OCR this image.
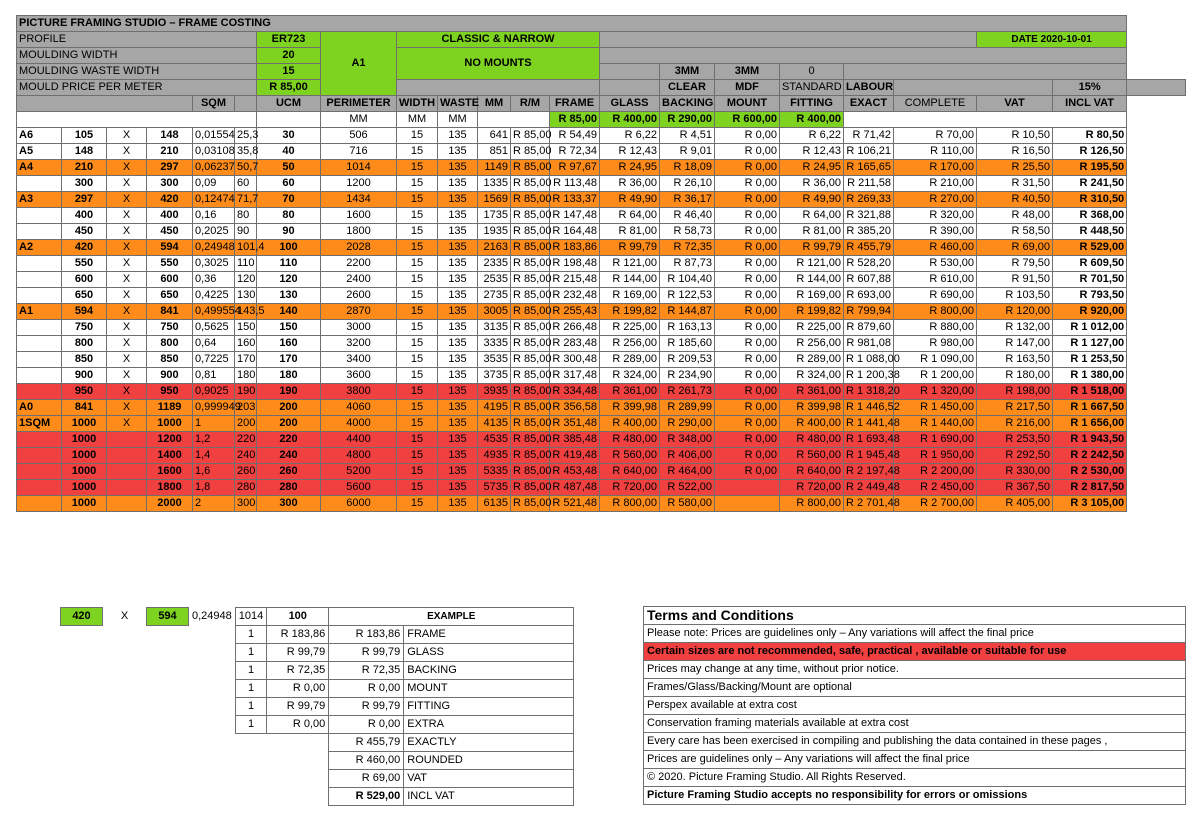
PICTURE FRAMING STUDIO – FRAME COSTING																					
PROFILE						ER723	A1	CLASSIC & NARROW											DATE 2020-10-01		
MOULDING WIDTH						20		NO MOUNTS													
MOULDING WASTE WIDTH						15								3MM	3MM	0					
MOULD PRICE PER METER						R 85,00								CLEAR	MDF	STANDARD	LABOUR			15%	
				SQM		UCM	PERIMETER	WIDTH	WASTE	MM	R/M	FRAME	GLASS	BACKING	MOUNT	FITTING	EXACT	COMPLETE	VAT	INCL VAT	
							MM	MM	MM			R 85,00	R 400,00	R 290,00	R 600,00	R 400,00					
A6	105	X	148	0,01554	25,3	30	506	15	135	641	R 85,00	R 54,49	R 6,22	R 4,51	R 0,00	R 6,22	R 71,42	R 70,00	R 10,50	R 80,50	
A5	148	X	210	0,03108	35,8	40	716	15	135	851	R 85,00	R 72,34	R 12,43	R 9,01	R 0,00	R 12,43	R 106,21	R 110,00	R 16,50	R 126,50	
A4	210	X	297	0,06237	50,7	50	1014	15	135	1149	R 85,00	R 97,67	R 24,95	R 18,09	R 0,00	R 24,95	R 165,65	R 170,00	R 25,50	R 195,50	
	300	X	300	0,09	60	60	1200	15	135	1335	R 85,00	R 113,48	R 36,00	R 26,10	R 0,00	R 36,00	R 211,58	R 210,00	R 31,50	R 241,50	
A3	297	X	420	0,12474	71,7	70	1434	15	135	1569	R 85,00	R 133,37	R 49,90	R 36,17	R 0,00	R 49,90	R 269,33	R 270,00	R 40,50	R 310,50	
	400	X	400	0,16	80	80	1600	15	135	1735	R 85,00	R 147,48	R 64,00	R 46,40	R 0,00	R 64,00	R 321,88	R 320,00	R 48,00	R 368,00	
	450	X	450	0,2025	90	90	1800	15	135	1935	R 85,00	R 164,48	R 81,00	R 58,73	R 0,00	R 81,00	R 385,20	R 390,00	R 58,50	R 448,50	
A2	420	X	594	0,24948	101,4	100	2028	15	135	2163	R 85,00	R 183,86	R 99,79	R 72,35	R 0,00	R 99,79	R 455,79	R 460,00	R 69,00	R 529,00	
	550	X	550	0,3025	110	110	2200	15	135	2335	R 85,00	R 198,48	R 121,00	R 87,73	R 0,00	R 121,00	R 528,20	R 530,00	R 79,50	R 609,50	
	600	X	600	0,36	120	120	2400	15	135	2535	R 85,00	R 215,48	R 144,00	R 104,40	R 0,00	R 144,00	R 607,88	R 610,00	R 91,50	R 701,50	
	650	X	650	0,4225	130	130	2600	15	135	2735	R 85,00	R 232,48	R 169,00	R 122,53	R 0,00	R 169,00	R 693,00	R 690,00	R 103,50	R 793,50	
A1	594	X	841	0,499554	143,5	140	2870	15	135	3005	R 85,00	R 255,43	R 199,82	R 144,87	R 0,00	R 199,82	R 799,94	R 800,00	R 120,00	R 920,00	
	750	X	750	0,5625	150	150	3000	15	135	3135	R 85,00	R 266,48	R 225,00	R 163,13	R 0,00	R 225,00	R 879,60	R 880,00	R 132,00	R 1 012,00	
	800	X	800	0,64	160	160	3200	15	135	3335	R 85,00	R 283,48	R 256,00	R 185,60	R 0,00	R 256,00	R 981,08	R 980,00	R 147,00	R 1 127,00	
	850	X	850	0,7225	170	170	3400	15	135	3535	R 85,00	R 300,48	R 289,00	R 209,53	R 0,00	R 289,00	R 1 088,00	R 1 090,00	R 163,50	R 1 253,50	
	900	X	900	0,81	180	180	3600	15	135	3735	R 85,00	R 317,48	R 324,00	R 234,90	R 0,00	R 324,00	R 1 200,38	R 1 200,00	R 180,00	R 1 380,00	
	950	X	950	0,9025	190	190	3800	15	135	3935	R 85,00	R 334,48	R 361,00	R 261,73	R 0,00	R 361,00	R 1 318,20	R 1 320,00	R 198,00	R 1 518,00	
A0	841	X	1189	0,999949	203	200	4060	15	135	4195	R 85,00	R 356,58	R 399,98	R 289,99	R 0,00	R 399,98	R 1 446,52	R 1 450,00	R 217,50	R 1 667,50	
1SQM	1000	X	1000	1	200	200	4000	15	135	4135	R 85,00	R 351,48	R 400,00	R 290,00	R 0,00	R 400,00	R 1 441,48	R 1 440,00	R 216,00	R 1 656,00	
	1000		1200	1,2	220	220	4400	15	135	4535	R 85,00	R 385,48	R 480,00	R 348,00	R 0,00	R 480,00	R 1 693,48	R 1 690,00	R 253,50	R 1 943,50	
	1000		1400	1,4	240	240	4800	15	135	4935	R 85,00	R 419,48	R 560,00	R 406,00	R 0,00	R 560,00	R 1 945,48	R 1 950,00	R 292,50	R 2 242,50	
	1000		1600	1,6	260	260	5200	15	135	5335	R 85,00	R 453,48	R 640,00	R 464,00	R 0,00	R 640,00	R 2 197,48	R 2 200,00	R 330,00	R 2 530,00	
	1000		1800	1,8	280	280	5600	15	135	5735	R 85,00	R 487,48	R 720,00	R 522,00		R 720,00	R 2 449,48	R 2 450,00	R 367,50	R 2 817,50	
	1000		2000	2	300	300	6000	15	135	6135	R 85,00	R 521,48	R 800,00	R 580,00		R 800,00	R 2 701,48	R 2 700,00	R 405,00	R 3 105,00	
420	X	594	0,24948	1014	100	EXAMPLE	
				1	R 183,86	R 183,86	FRAME
				1	R 99,79	R 99,79	GLASS
				1	R 72,35	R 72,35	BACKING
				1	R 0,00	R 0,00	MOUNT
				1	R 99,79	R 99,79	FITTING
				1	R 0,00	R 0,00	EXTRA
						R 455,79	EXACTLY
						R 460,00	ROUNDED
						R 69,00	VAT
						R 529,00	INCL VAT
Terms and Conditions
Please note: Prices are guidelines only – Any variations will affect the final price
Certain sizes are not recommended, safe, practical , available or suitable for use
Prices may change at any time, without prior notice.
Frames/Glass/Backing/Mount are optional
Perspex available at extra cost
Conservation framing materials available at extra cost
Every care has been exercised in compiling and publishing the data contained in these pages ,
Prices are guidelines only – Any variations will affect the final price
© 2020. Picture Framing Studio. All Rights Reserved.
Picture Framing Studio accepts no responsibility for errors or omissions
